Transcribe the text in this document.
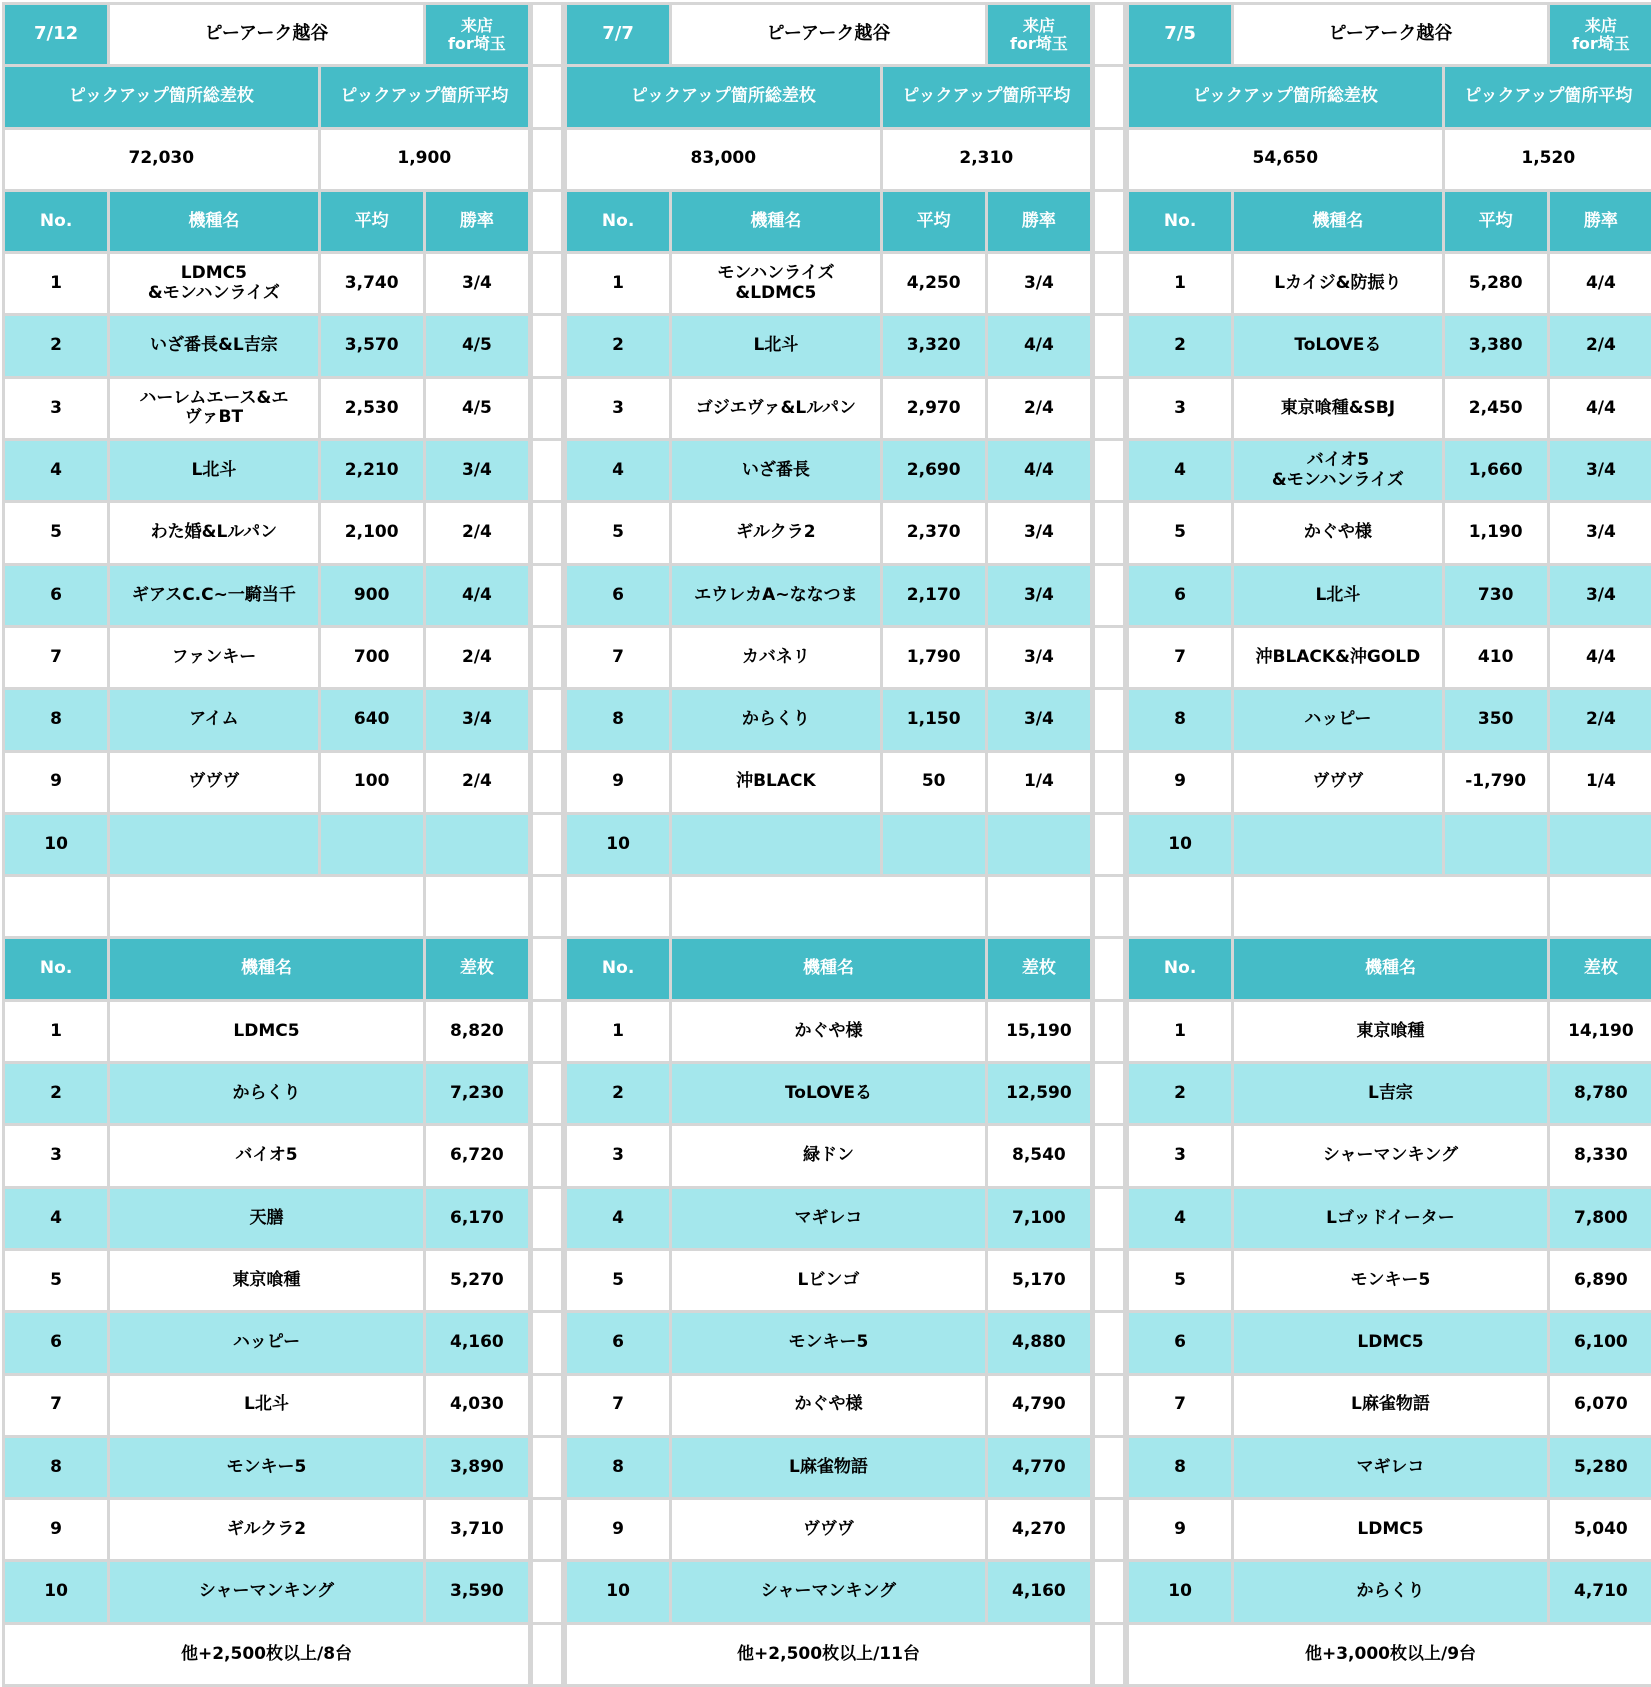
7/12	ピーアーク越谷		来店
for埼玉
ピックアップ箇所総差枚		ピックアップ箇所平均	
72,030		1,900	
No.	機種名	平均	勝率
1	LDMC5
&モンハンライズ	3,740	3/4
2	いざ番長&L吉宗	3,570	4/5
3	ハーレムエース&エ
ヴァBT	2,530	4/5
4	L北斗	2,210	3/4
5	わた婚&Lルパン	2,100	2/4
6	ギアスC.C~一騎当千	900	4/4
7	ファンキー	700	2/4
8	アイム	640	3/4
9	ヴヴヴ	100	2/4
10			

No.	機種名		差枚
1	LDMC5		8,820
2	からくり		7,230
3	バイオ5		6,720
4	天膳		6,170
5	東京喰種		5,270
6	ハッピー		4,160
7	L北斗		4,030
8	モンキー5		3,890
9	ギルクラ2		3,710
10	シャーマンキング		3,590
他+2,500枚以上/8台			

7/7	ピーアーク越谷		来店
for埼玉
ピックアップ箇所総差枚		ピックアップ箇所平均	
83,000		2,310	
No.	機種名	平均	勝率
1	モンハンライズ
&LDMC5	4,250	3/4
2	L北斗	3,320	4/4
3	ゴジエヴァ&Lルパン	2,970	2/4
4	いざ番長	2,690	4/4
5	ギルクラ2	2,370	3/4
6	エウレカA~ななつま	2,170	3/4
7	カバネリ	1,790	3/4
8	からくり	1,150	3/4
9	沖BLACK	50	1/4
10			

No.	機種名		差枚
1	かぐや様		15,190
2	ToLOVEる		12,590
3	緑ドン		8,540
4	マギレコ		7,100
5	Lビンゴ		5,170
6	モンキー5		4,880
7	かぐや様		4,790
8	L麻雀物語		4,770
9	ヴヴヴ		4,270
10	シャーマンキング		4,160
他+2,500枚以上/11台			

7/5	ピーアーク越谷		来店
for埼玉
ピックアップ箇所総差枚		ピックアップ箇所平均	
54,650		1,520	
No.	機種名	平均	勝率
1	Lカイジ&防振り	5,280	4/4
2	ToLOVEる	3,380	2/4
3	東京喰種&SBJ	2,450	4/4
4	バイオ5
&モンハンライズ	1,660	3/4
5	かぐや様	1,190	3/4
6	L北斗	730	3/4
7	沖BLACK&沖GOLD	410	4/4
8	ハッピー	350	2/4
9	ヴヴヴ	-1,790	1/4
10			

No.	機種名		差枚
1	東京喰種		14,190
2	L吉宗		8,780
3	シャーマンキング		8,330
4	Lゴッドイーター		7,800
5	モンキー5		6,890
6	LDMC5		6,100
7	L麻雀物語		6,070
8	マギレコ		5,280
9	LDMC5		5,040
10	からくり		4,710
他+3,000枚以上/9台			
